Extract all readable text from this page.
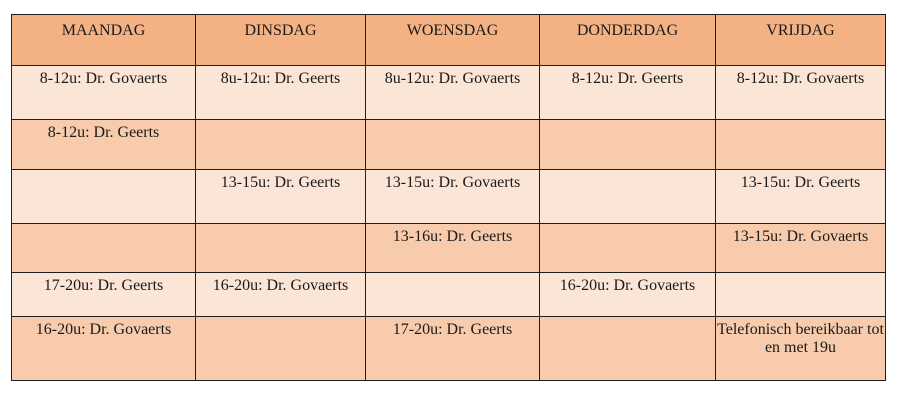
MAANDAG	DINSDAG	WOENSDAG	DONDERDAG	VRIJDAG

8-12u: Dr. Govaerts	8u-12u: Dr. Geerts	8u-12u: Dr. Govaerts	8-12u: Dr. Geerts	8-12u: Dr. Govaerts

8-12u: Dr. Geerts				

	13-15u: Dr. Geerts	13-15u: Dr. Govaerts		13-15u: Dr. Geerts

		13-16u: Dr. Geerts		13-15u: Dr. Govaerts

17-20u: Dr. Geerts	16-20u: Dr. Govaerts		16-20u: Dr. Govaerts	

16-20u: Dr. Govaerts		17-20u: Dr. Geerts		Telefonisch bereikbaar tot en met 19u
